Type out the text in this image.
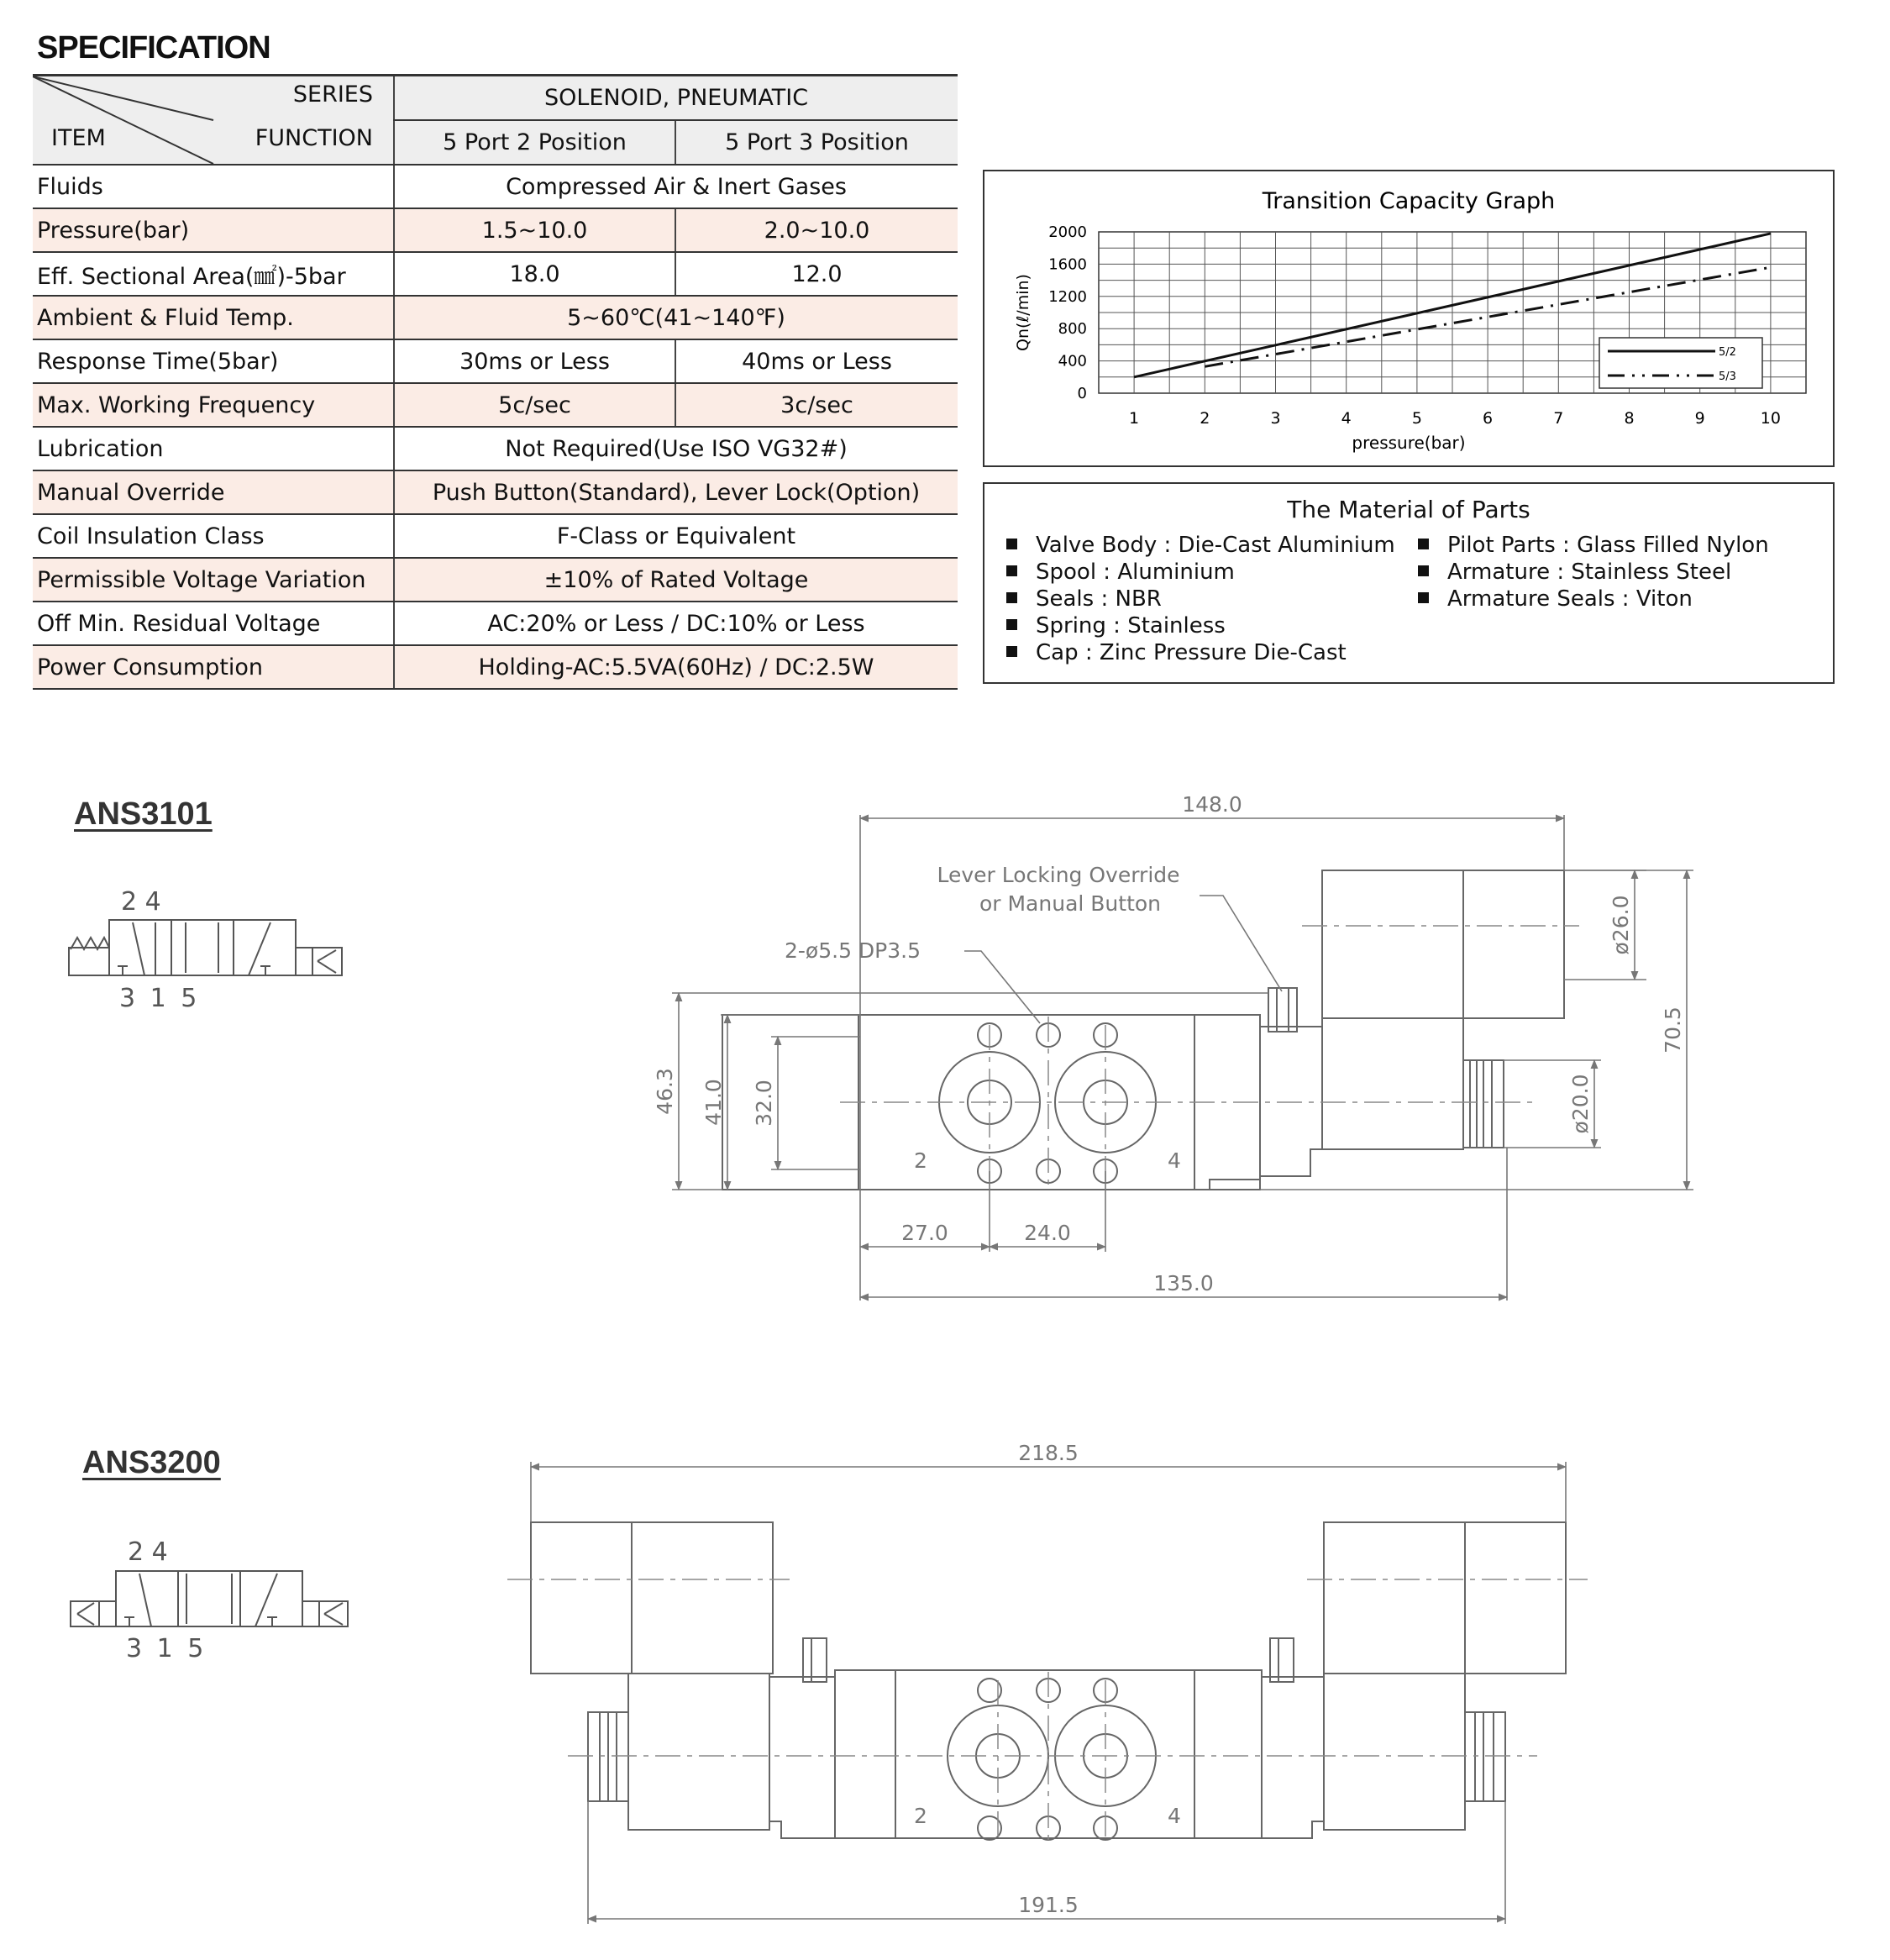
SPECIFICATION
SERIES
ITEM FUNCTION	SOLENOID, PNEUMATIC	
	5 Port 2 Position	5 Port 3 Position
Fluids	Compressed Air & Inert Gases	
Pressure(bar)	1.5~10.0	2.0~10.0
Eff. Sectional Area(㎟)-5bar	18.0	12.0
Ambient & Fluid Temp.	5~60℃(41~140℉)	
Response Time(5bar)	30ms or Less	40ms or Less
Max. Working Frequency	5c/sec	3c/sec
Lubrication	Not Required(Use ISO VG32#)	
Manual Override	Push Button(Standard), Lever Lock(Option)	
Coil Insulation Class	F-Class or Equivalent	
Permissible Voltage Variation	±10% of Rated Voltage	
Off Min. Residual Voltage	AC:20% or Less / DC:10% or Less	
Power Consumption	Holding-AC:5.5VA(60Hz) / DC:2.5W	
Transition Capacity Graph
0
400
800
1200
1600
2000
1	2	3	4	5	6	7	8	9	10
pressure(bar)
Qn(ℓ/min)
5/2
5/3
The Material of Parts
Valve Body : Die-Cast Aluminium
Spool : Aluminium
Seals : NBR
Spring : Stainless
Cap : Zinc Pressure Die-Cast
Pilot Parts : Glass Filled Nylon
Armature : Stainless Steel
Armature Seals : Viton
ANS3101
ANS3200
2 4
3 1 5
148.0
ø26.0
70.5
46.3 41.0 32.0	ø20.0
27.0	24.0
135.0
Lever Locking Override
or Manual Button
2-ø5.5 DP3.5
2	4
2 4
3 1 5
218.5
191.5
2	4
